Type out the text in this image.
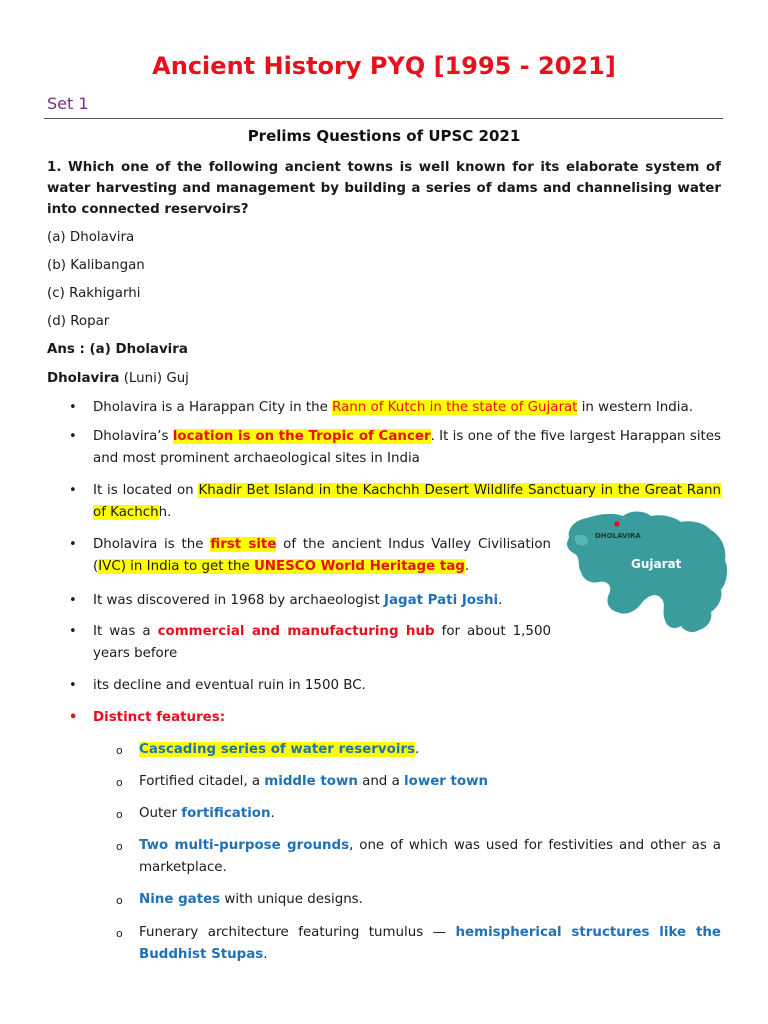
Ancient History PYQ [1995 - 2021]
Set 1
Prelims Questions of UPSC 2021
1. Which one of the following ancient towns is well known for its elaborate system of water harvesting and management by building a series of dams and channelising water into connected reservoirs?
(a) Dholavira
(b) Kalibangan
(c) Rakhigarhi
(d) Ropar
Ans : (a) Dholavira
Dholavira (Luni) Guj
• Dholavira is a Harappan City in the Rann of Kutch in the state of Gujarat in western India.
• Dholavira’s location is on the Tropic of Cancer. It is one of the five largest Harappan sites and most prominent archaeological sites in India
• It is located on Khadir Bet Island in the Kachchh Desert Wildlife Sanctuary in the Great Rann of Kachchh.
• Dholavira is the first site of the ancient Indus Valley Civilisation (IVC) in India to get the UNESCO World Heritage tag.
• It was discovered in 1968 by archaeologist Jagat Pati Joshi.
• It was a commercial and manufacturing hub for about 1,500 years before
• its decline and eventual ruin in 1500 BC.
• Distinct features:
o Cascading series of water reservoirs.
o Fortified citadel, a middle town and a lower town
o Outer fortification.
o Two multi-purpose grounds, one of which was used for festivities and other as a marketplace.
o Nine gates with unique designs.
o Funerary architecture featuring tumulus — hemispherical structures like the Buddhist Stupas.
DHOLAVIRA
Gujarat
